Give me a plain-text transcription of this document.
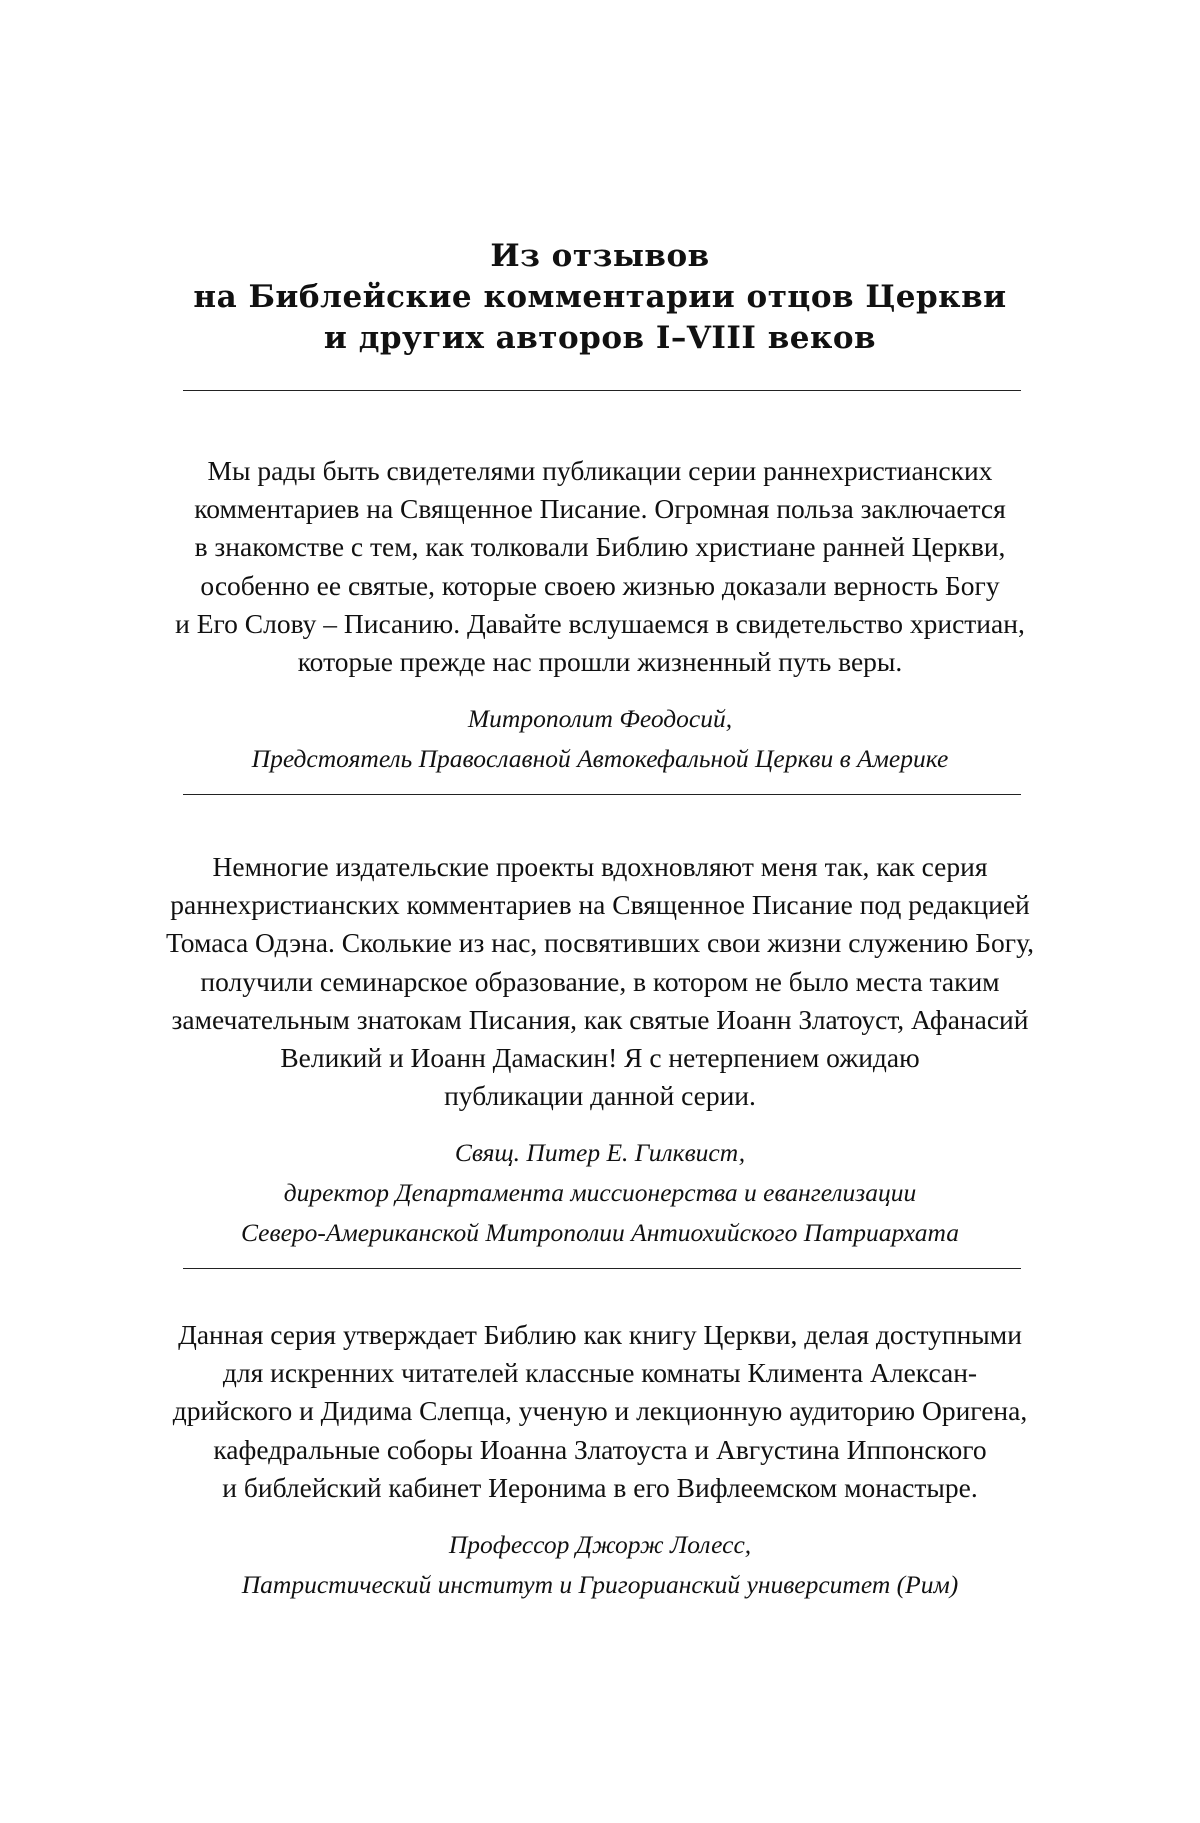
Из отзывов
на Библейские комментарии отцов Церкви
и других авторов I–VIII веков
Мы рады быть свидетелями публикации серии раннехристианских
комментариев на Священное Писание. Огромная польза заключается
в знакомстве с тем, как толковали Библию христиане ранней Церкви,
особенно ее святые, которые своею жизнью доказали верность Богу
и Его Слову – Писанию. Давайте вслушаемся в свидетельство христиан,
которые прежде нас прошли жизненный путь веры.
Митрополит Феодосий,
Предстоятель Православной Автокефальной Церкви в Америке
Немногие издательские проекты вдохновляют меня так, как серия
раннехристианских комментариев на Священное Писание под редакцией
Томаса Одэна. Сколькие из нас, посвятивших свои жизни служению Богу,
получили семинарское образование, в котором не было места таким
замечательным знатокам Писания, как святые Иоанн Златоуст, Афанасий
Великий и Иоанн Дамаскин! Я с нетерпением ожидаю
публикации данной серии.
Свящ. Питер Е. Гилквист,
директор Департамента миссионерства и евангелизации
Северо-Американской Митрополии Антиохийского Патриархата
Данная серия утверждает Библию как книгу Церкви, делая доступными
для искренних читателей классные комнаты Климента Алексан-
дрийского и Дидима Слепца, ученую и лекционную аудиторию Оригена,
кафедральные соборы Иоанна Златоуста и Августина Иппонского
и библейский кабинет Иеронима в его Вифлеемском монастыре.
Профессор Джорж Лолесс,
Патристический институт и Григорианский университет (Рим)
